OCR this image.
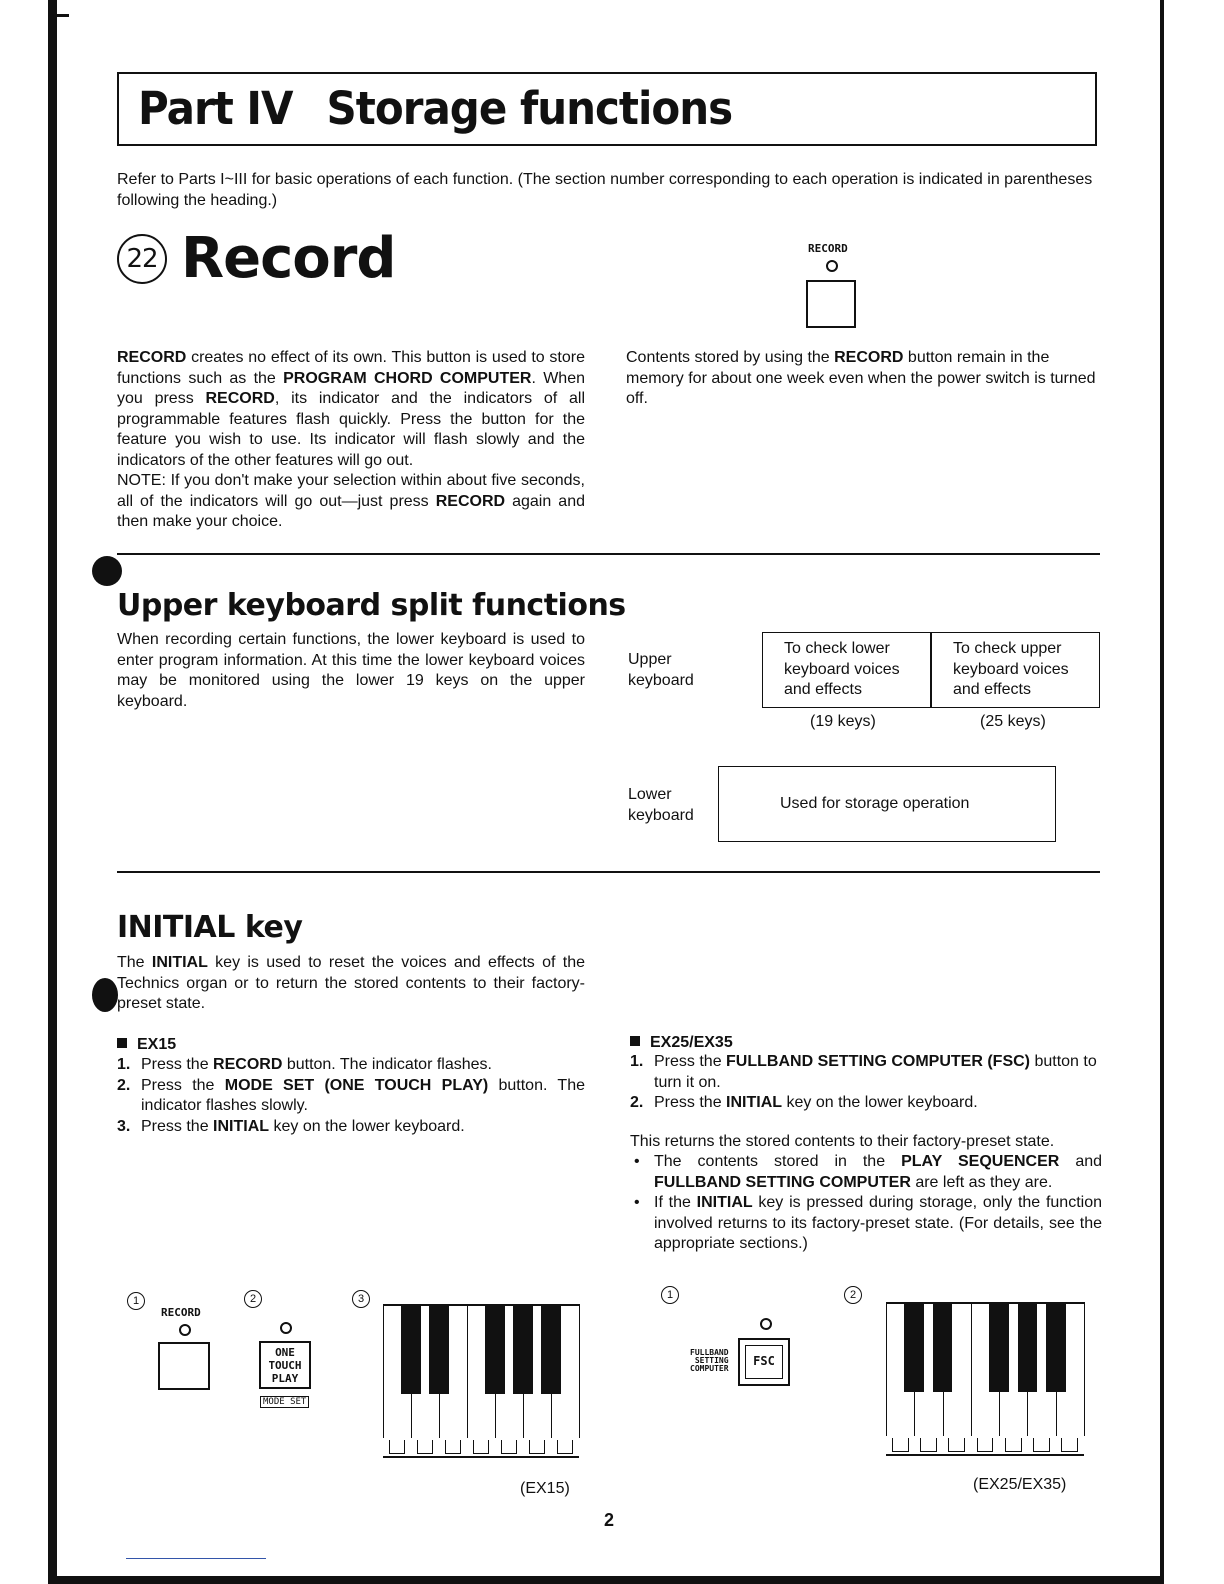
Part IV Storage functions
Refer to Parts I~III for basic operations of each function. (The section number corresponding to each operation is indicated in parentheses following the heading.)
22 Record	RECORD
RECORD creates no effect of its own. This button is used to store functions such as the PROGRAM CHORD COMPUTER. When you press RECORD, its indicator and the indicators of all programmable features flash quickly. Press the button for the feature you wish to use. Its indicator will flash slowly and the indicators of the other features will go out.
NOTE: If you don't make your selection within about five seconds, all of the indicators will go out—just press RECORD again and then make your choice.
Contents stored by using the RECORD button remain in the memory for about one week even when the power switch is turned off.
Upper keyboard split functions
When recording certain functions, the lower keyboard is used to enter program information. At this time the lower keyboard voices may be monitored using the lower 19 keys on the upper keyboard.
Upper keyboard
To check lower keyboard voices and effects
To check upper keyboard voices and effects
(19 keys)	(25 keys)
Lower keyboard
Used for storage operation
INITIAL key
The INITIAL key is used to reset the voices and effects of the Technics organ or to return the stored contents to their factory-preset state.
EX15
1. Press the RECORD button. The indicator flashes.
2. Press the MODE SET (ONE TOUCH PLAY) button. The indicator flashes slowly.
3. Press the INITIAL key on the lower keyboard.
EX25/EX35
1. Press the FULLBAND SETTING COMPUTER (FSC) button to turn it on.
2. Press the INITIAL key on the lower keyboard.
This returns the stored contents to their factory-preset state.
• The contents stored in the PLAY SEQUENCER and FULLBAND SETTING COMPUTER are left as they are.
• If the INITIAL key is pressed during storage, only the function involved returns to its factory-preset state. (For details, see the appropriate sections.)
1
RECORD
2
ONE
TOUCH
PLAY
MODE SET
3
(EX15)
1
FULLBAND
SETTING
COMPUTER
FSC
2
(EX25/EX35)
2
